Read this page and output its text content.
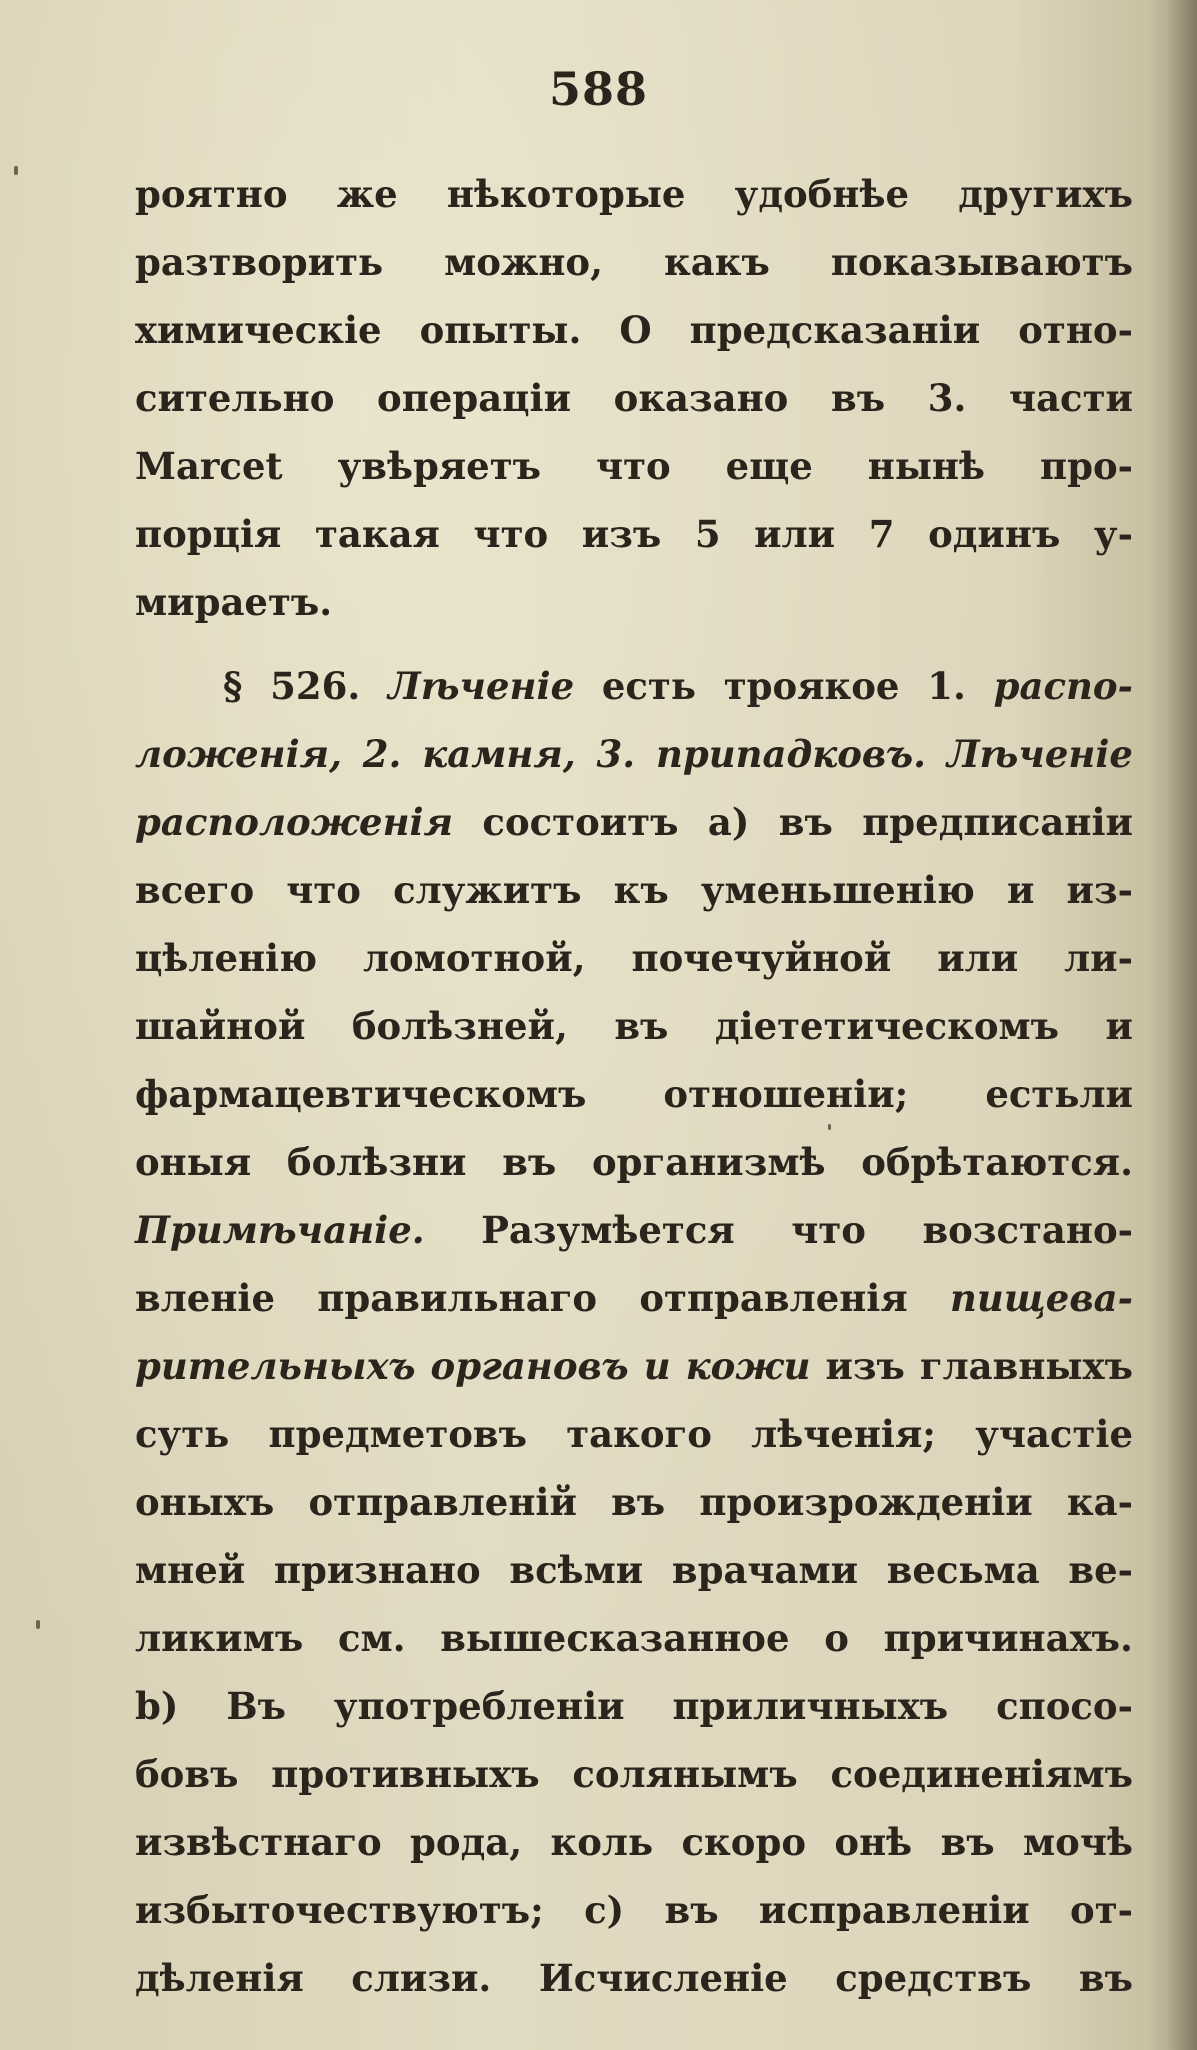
588
роятно же нѣкоторые удобнѣе другихъ
разтворить можно, какъ показываютъ
химическіе опыты. О предсказаніи отно-
сительно операціи оказано въ 3. части
Marcet увѣряетъ что еще нынѣ про-
порція такая что изъ 5 или 7 одинъ у-
мираетъ.
§ 526. Лѣченіе есть троякое 1. распо-
ложенія, 2. камня, 3. припадковъ. Лѣченіе
расположенія состоитъ а) въ предписаніи
всего что служитъ къ уменьшенію и из-
цѣленію ломотной, почечуйной или ли-
шайной болѣзней, въ діететическомъ и
фармацевтическомъ отношеніи; естьли
оныя болѣзни въ организмѣ обрѣтаются.
Примѣчаніе. Разумѣется что возстано-
вленіе правильнаго отправленія пищева-
рительныхъ органовъ и кожи изъ главныхъ
суть предметовъ такого лѣченія; участіе
оныхъ отправленій въ произрожденіи ка-
мней признано всѣми врачами весьма ве-
ликимъ см. вышесказанное о причинахъ.
b) Въ употребленіи приличныхъ спосо-
бовъ противныхъ солянымъ соединеніямъ
извѣстнаго рода, коль скоро онѣ въ мочѣ
избыточествуютъ; с) въ исправленіи от-
дѣленія слизи. Исчисленіе средствъ въ
